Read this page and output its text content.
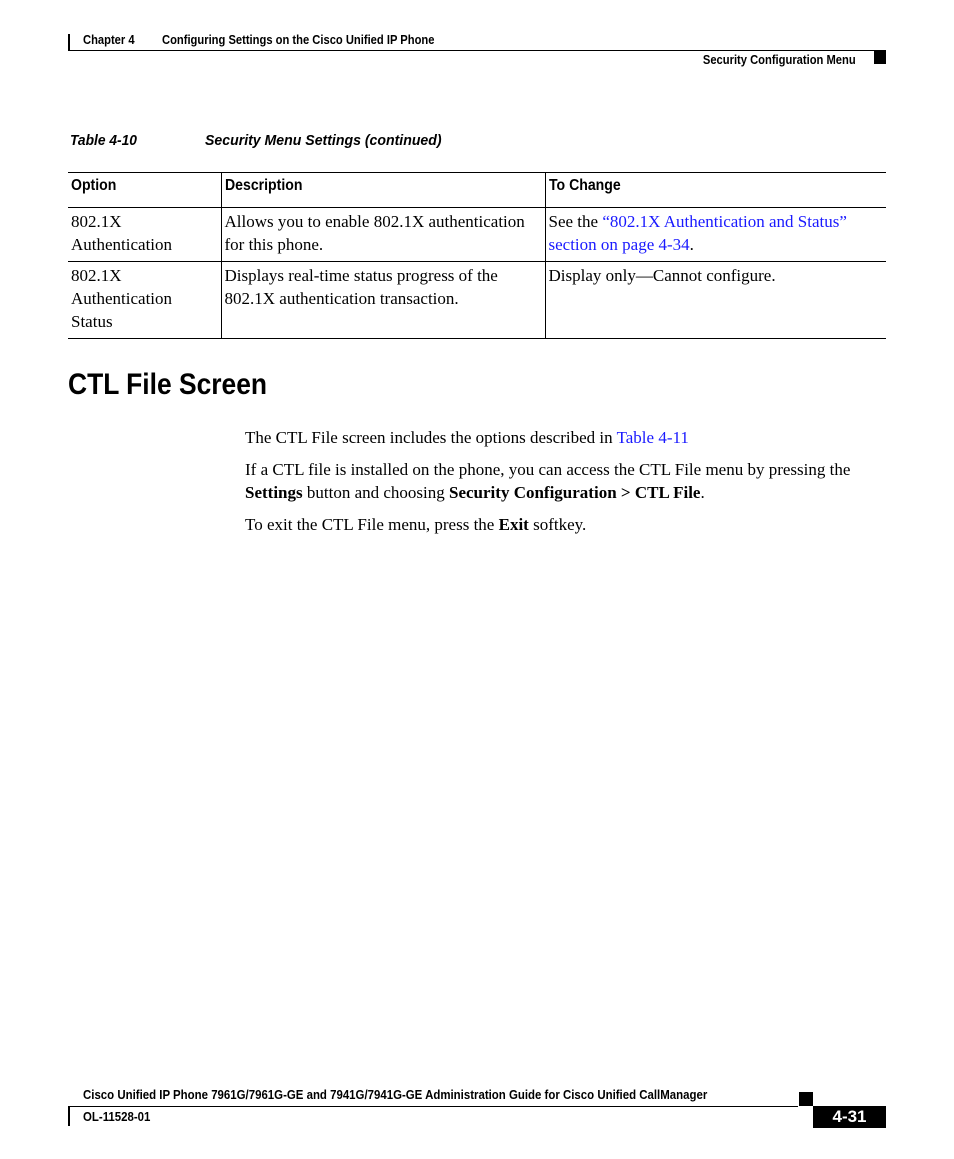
Chapter 4 Configuring Settings on the Cisco Unified IP Phone
Security Configuration Menu
Table 4-10	Security Menu Settings (continued)
Option	Description	To Change
802.1X Authentication	Allows you to enable 802.1X authentication for this phone.	See the “802.1X Authentication and Status” section on page 4-34.
802.1X Authentication Status	Displays real-time status progress of the 802.1X authentication transaction.	Display only—Cannot configure.
CTL File Screen
The CTL File screen includes the options described in Table 4-11
If a CTL file is installed on the phone, you can access the CTL File menu by pressing the Settings button and choosing Security Configuration > CTL File.
To exit the CTL File menu, press the Exit softkey.
Cisco Unified IP Phone 7961G/7961G-GE and 7941G/7941G-GE Administration Guide for Cisco Unified CallManager
OL-11528-01	4-31
